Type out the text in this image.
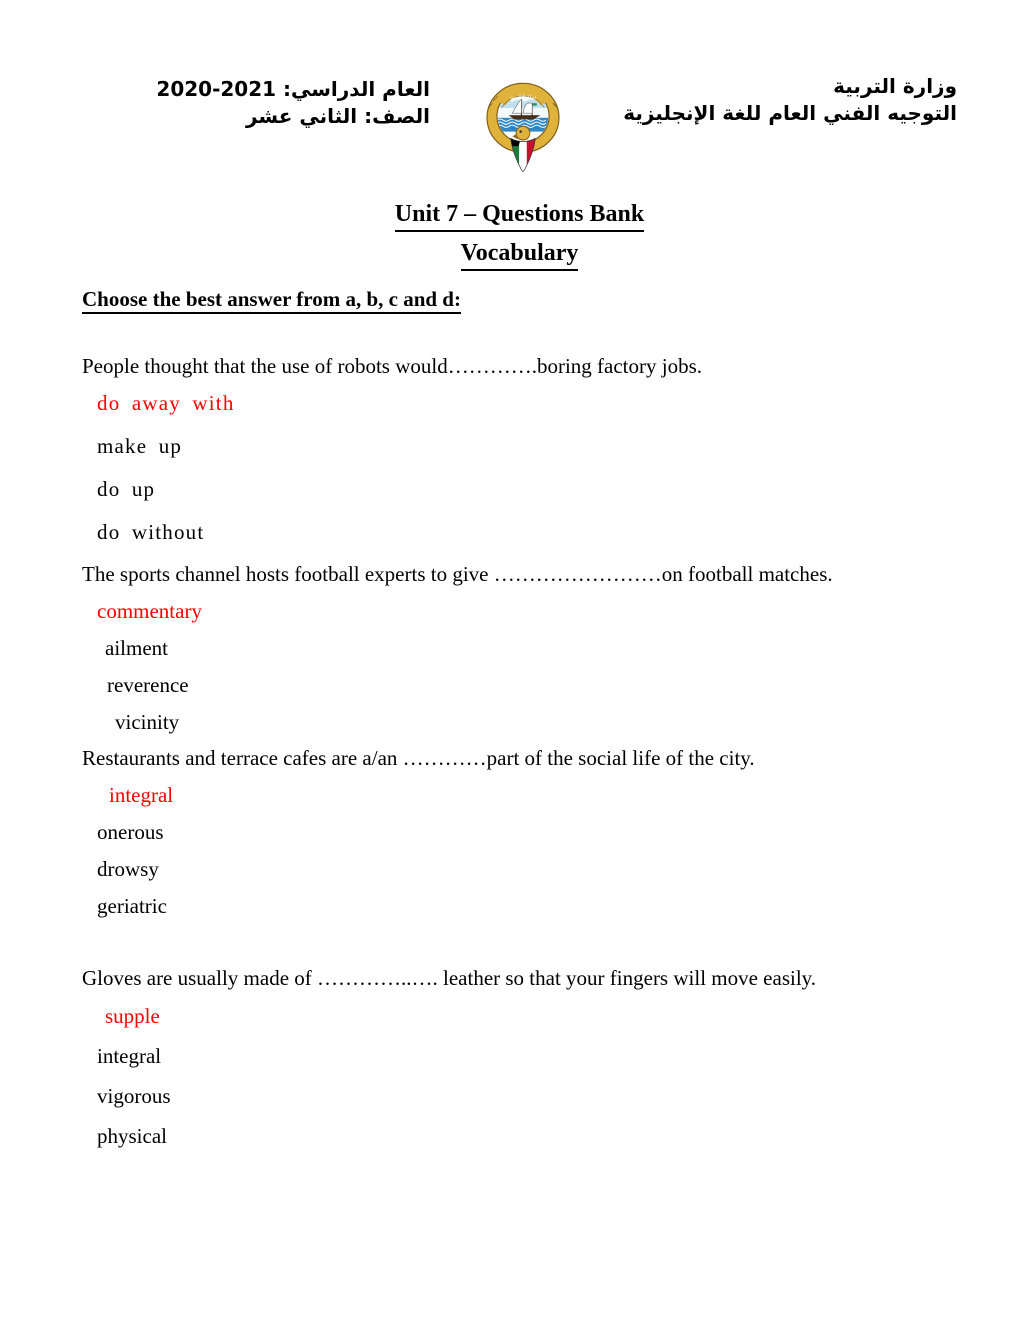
العام الدراسي: 2021-2020
الصف: الثاني عشر
دولة الكويت	وزارة التربية
التوجيه الفني العام للغة الإنجليزية
Unit 7 – Questions Bank
Vocabulary
Choose the best answer from a, b, c and d:

People thought that the use of robots would………….boring factory jobs.

do away with
make up
do up
do without

The sports channel hosts football experts to give ……………………on football matches.

commentary
ailment
reverence
vicinity

Restaurants and terrace cafes are a/an …………part of the social life of the city.

integral
onerous
drowsy
geriatric

Gloves are usually made of …………..…. leather so that your fingers will move easily.

supple
integral
vigorous
physical
